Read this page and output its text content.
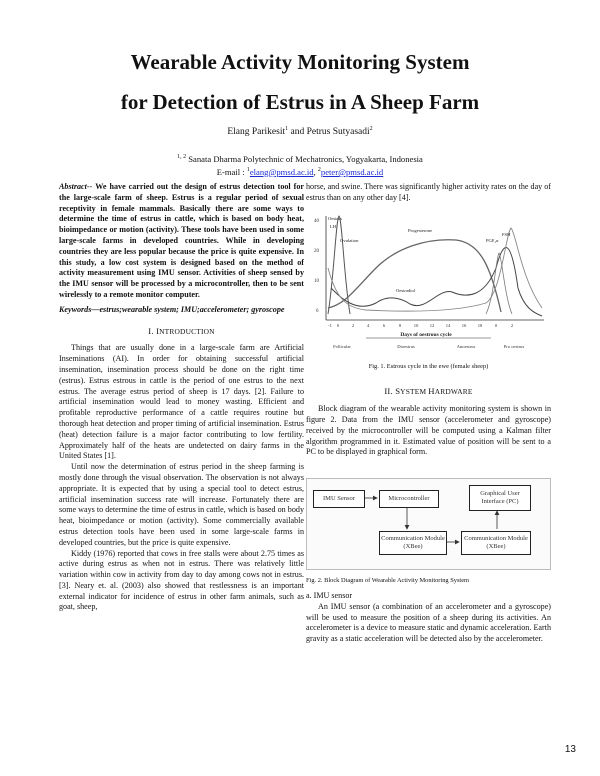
Wearable Activity Monitoring System
for Detection of Estrus in A Sheep Farm
Elang Parikesit$^1$ and Petrus Sutyasadi$^2$
$^{1, 2}$ Sanata Dharma Polytechnic of Mechatronics, Yogyakarta, Indonesia
E-mail : $^1$elang@pmsd.ac.id, $^2$peter@pmsd.ac.id

Abstract-- We have carried out the design of estrus detection tool for the large-scale farm of sheep. Estrus is a regular period of sexual receptivity in female mammals. Basically there are some ways to determine the time of estrus in cattle, which is based on body heat, bioimpedance or motion (activity). These tools have been used in some large-scale farms in developed countries. While in developing countries they are less popular because the price is quite expensive. In this study, a low cost system is designed based on the method of activity measurement using IMU sensor. Activities of sheep sensed by the IMU sensor will be processed by a microcontroller, then to be sent wirelessly to a remote monitor computer.

Keywords—estrus;wearable system; IMU;accelerometer; gyroscope

I. INTRODUCTION

Things that are usually done in a large-scale farm are Artificial Inseminations (AI). In order for obtaining successful artificial insemination, insemination process should be done on the right time (estrus). Estrus estrous in cattle is the period of one estrus to the next estrus. The average estrus period of sheep is 17 days. [2]. Failure to artificial insemination would lead to money wasting. Efficient and profitable reproductive performance of a cattle requires routine but thorough heat detection and proper timing of artificial insemination. Estrus (heat) detection failure is a major factor contributing to low fertility. Approximately half of the heats are undetected on dairy farms in the United States [1].

Until now the determination of estrus period in the sheep farming is mostly done through the visual observation. The observation is not always appropriate. It is expected that by using a special tool to detect estrus, artificial insemination success rate will increase. Fortunately there are some ways to determine the time of estrus in cattle, which is based on body heat, bioimpedance or motion (activity). Some commercially available estrus detection tools have been used in some large-scale farms in developed countries, but the price is quite expensive.

Kiddy (1976) reported that cows in free stalls were about 2.75 times as active during estrus as when not in estrus. There was relatively little variation within cow in activity from day to day among cows not in estrus. [3]. Neary et. al. (2003) also showed that restlessness is an important external indicator for incidence of estrus in other farm animals, such as goat, sheep,

horse, and swine. There was significantly higher activity rates on the day of estrus than on any other day [4].

40
20
10
6
-1 0	2	4	6	8	10 12 14 16 18	0	2
Days of oestrous cycle
Follicular	Dioestrus	Anoestrus	Pro oestrus
Oestrus
LH
Ovulation
Progesterone
PGF₂α
FSH
Oestradiol

Fig. 1. Estrous cycle in the ewe (female sheep)

II. SYSTEM HARDWARE

Block diagram of the wearable activity monitoring system is shown in figure 2. Data from the IMU sensor (accelerometer and gyroscope) received by the microcontroller will be computed using a Kalman filter algorithm programmed in it. Estimated value of position will be sent to a PC to be displayed in graphical form.

IMU Sensor	Microcontroller
Graphical User Interface (PC)
Communication Module (XBee)
Communication Module (XBee)

Fig. 2. Block Diagram of Wearable Activity Monitoring System

a. IMU sensor

An IMU sensor (a combination of an accelerometer and a gyroscope) will be used to measure the position of a sheep during its activities. An accelerometer is a device to measure static and dynamic acceleration. Earth gravity as a static acceleration will be detected also by the accelerometer.

13
